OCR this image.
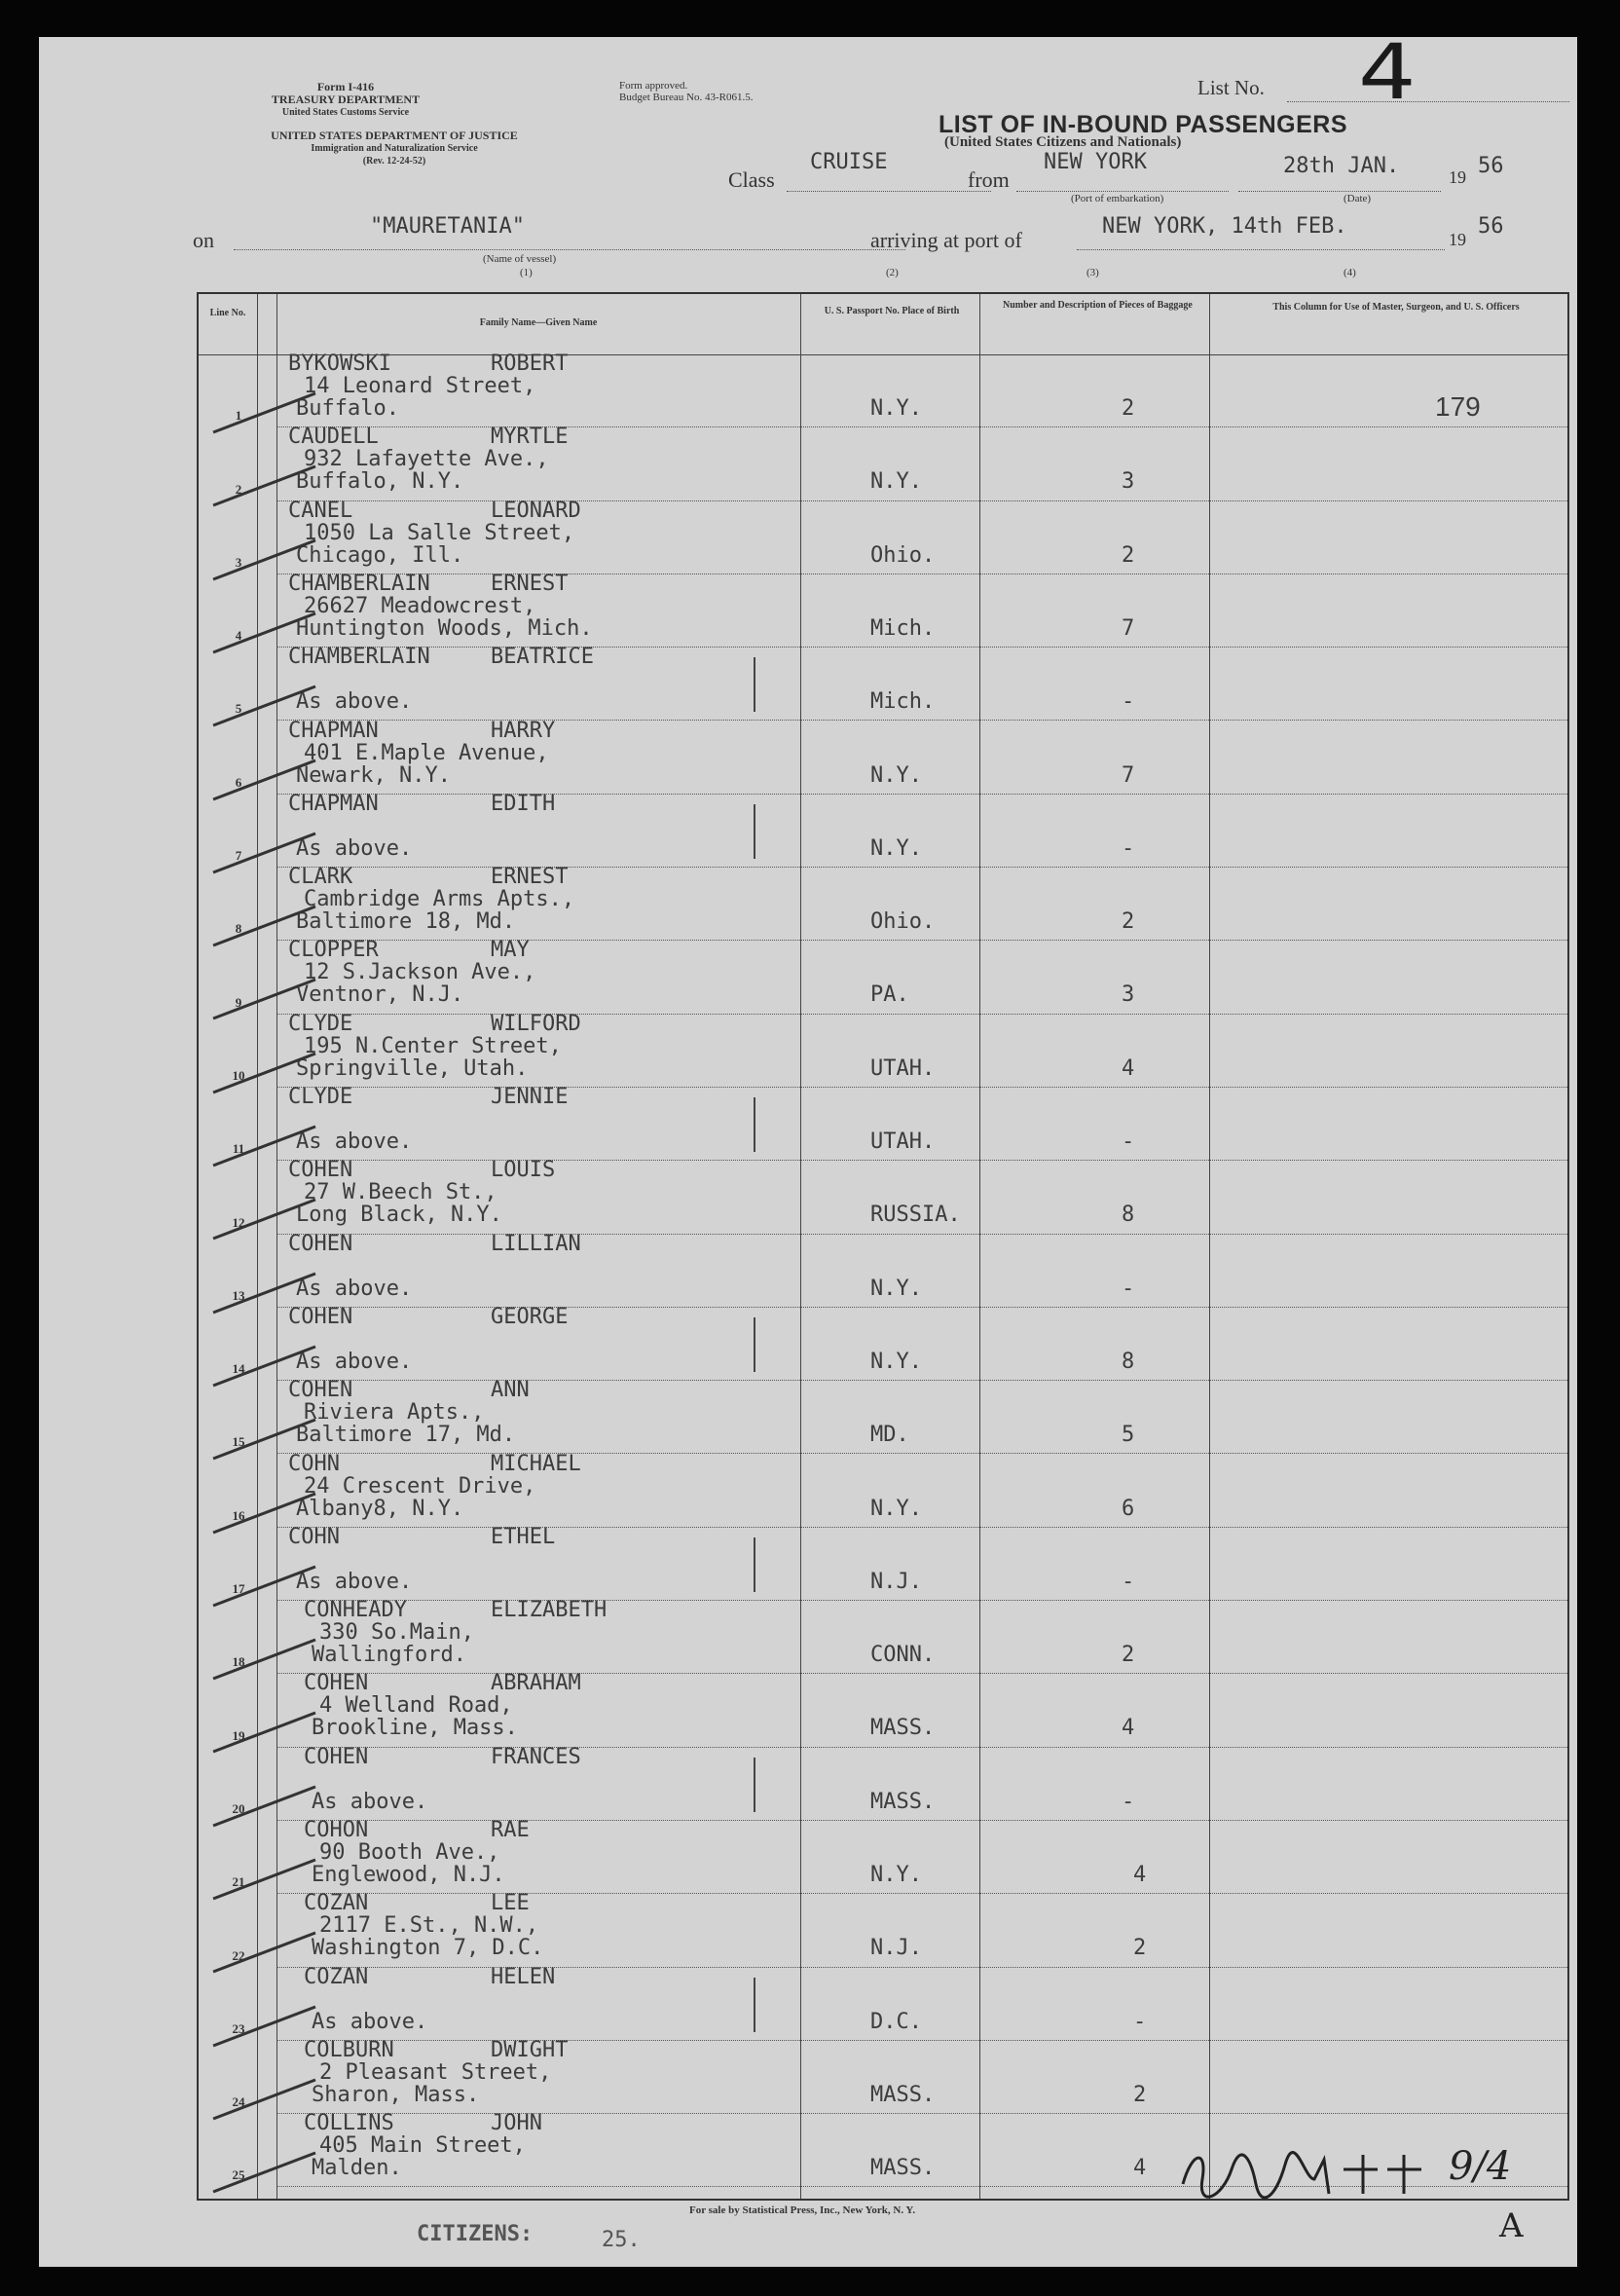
Form I-416
TREASURY DEPARTMENT
United States Customs Service
UNITED STATES DEPARTMENT OF JUSTICE
Immigration and Naturalization Service
(Rev. 12-24-52)
Form approved.
Budget Bureau No. 43-R061.5.	List No. 4
LIST OF IN-BOUND PASSENGERS
(United States Citizens and Nationals)
Class
CRUISE
from
NEW YORK
(Port of embarkation)
28th JAN.
(Date)
19 56
on
"MAURETANIA"
(Name of vessel)
(1)
arriving at port of
NEW YORK, 14th FEB.
19
56
(2)	(3)	(4)
Line No.
Family Name—Given Name
U. S. Passport No. Place of Birth
Number and Description of Pieces of Baggage	This Column for Use of Master, Surgeon, and U. S. Officers
179
1
BYKOWSKI	ROBERT
14 Leonard Street,
Buffalo.	N.Y.	2
2
CAUDELL	MYRTLE
932 Lafayette Ave.,
Buffalo, N.Y.	N.Y.	3
3
CANEL	LEONARD
1050 La Salle Street,
Chicago, Ill.	Ohio.	2
4
CHAMBERLAIN	ERNEST
26627 Meadowcrest,
Huntington Woods, Mich.	Mich.	7
5
CHAMBERLAIN	BEATRICE
As above.	Mich.	-
6
CHAPMAN	HARRY
401 E.Maple Avenue,
Newark, N.Y.	N.Y.	7
7
CHAPMAN	EDITH
As above.	N.Y.	-
8
CLARK	ERNEST
Cambridge Arms Apts.,
Baltimore 18, Md.	Ohio.	2
9
CLOPPER	MAY
12 S.Jackson Ave.,
Ventnor, N.J.	PA.	3
10
CLYDE	WILFORD
195 N.Center Street,
Springville, Utah.	UTAH.	4
11
CLYDE	JENNIE
As above.	UTAH.	-
12
COHEN	LOUIS
27 W.Beech St.,
Long Black, N.Y.	RUSSIA.	8
13
COHEN	LILLIAN
As above.	N.Y.	-
14
COHEN	GEORGE
As above.	N.Y.	8
15
COHEN	ANN
Riviera Apts.,
Baltimore 17, Md.	MD.	5
16
COHN	MICHAEL
24 Crescent Drive,
Albany8, N.Y.	N.Y.	6
17
COHN	ETHEL
As above.	N.J.	-
18
CONHEADY	ELIZABETH
330 So.Main,
Wallingford.	CONN.	2
19
COHEN	ABRAHAM
4 Welland Road,
Brookline, Mass.	MASS.	4
20
COHEN	FRANCES
As above.	MASS.	-
21
COHON	RAE
90 Booth Ave.,
Englewood, N.J.	N.Y.	4
22
COZAN	LEE
2117 E.St., N.W.,
Washington 7, D.C.	N.J.	2
23
COZAN	HELEN
As above.	D.C.	-
24
COLBURN	DWIGHT
2 Pleasant Street,
Sharon, Mass.	MASS.	2
25
COLLINS	JOHN
405 Main Street,
Malden.	MASS.	4
CITIZENS:	25.
For sale by Statistical Press, Inc., New York, N. Y.
9/4
A
